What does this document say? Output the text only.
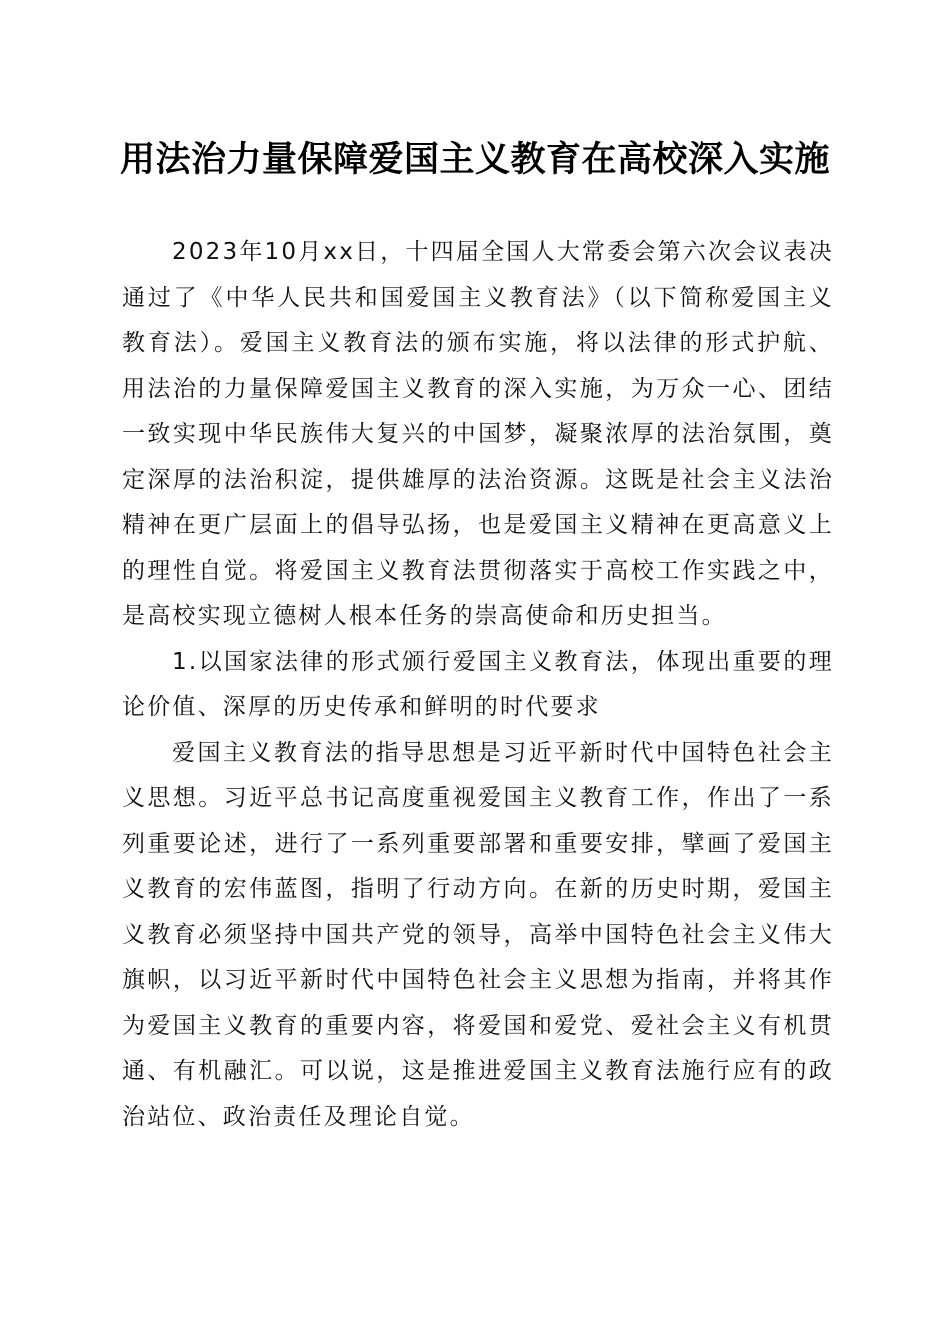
用法治力量保障爱国主义教育在高校深入实施

2023年10月xx日，十四届全国人大常委会第六次会议表决通过了《中华人民共和国爱国主义教育法》（以下简称爱国主义教育法）。爱国主义教育法的颁布实施，将以法律的形式护航、用法治的力量保障爱国主义教育的深入实施，为万众一心、团结一致实现中华民族伟大复兴的中国梦，凝聚浓厚的法治氛围，奠定深厚的法治积淀，提供雄厚的法治资源。这既是社会主义法治精神在更广层面上的倡导弘扬，也是爱国主义精神在更高意义上的理性自觉。将爱国主义教育法贯彻落实于高校工作实践之中，是高校实现立德树人根本任务的崇高使命和历史担当。

1.以国家法律的形式颁行爱国主义教育法，体现出重要的理论价值、深厚的历史传承和鲜明的时代要求

爱国主义教育法的指导思想是习近平新时代中国特色社会主义思想。习近平总书记高度重视爱国主义教育工作，作出了一系列重要论述，进行了一系列重要部署和重要安排，擘画了爱国主义教育的宏伟蓝图，指明了行动方向。在新的历史时期，爱国主义教育必须坚持中国共产党的领导，高举中国特色社会主义伟大旗帜，以习近平新时代中国特色社会主义思想为指南，并将其作为爱国主义教育的重要内容，将爱国和爱党、爱社会主义有机贯通、有机融汇。可以说，这是推进爱国主义教育法施行应有的政治站位、政治责任及理论自觉。
